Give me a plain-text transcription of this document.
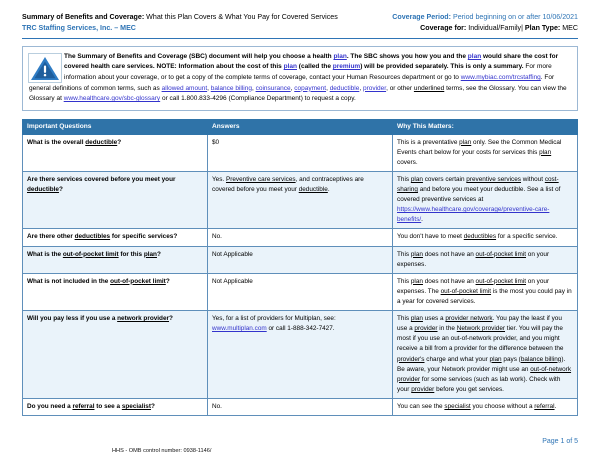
Summary of Benefits and Coverage: What this Plan Covers & What You Pay for Covered Services
TRC Staffing Services, Inc. – MEC
Coverage Period: Period beginning on or after 10/06/2021
Coverage for: Individual/Family| Plan Type: MEC
The Summary of Benefits and Coverage (SBC) document will help you choose a health plan. The SBC shows you how you and the plan would share the cost for covered health care services. NOTE: Information about the cost of this plan (called the premium) will be provided separately. This is only a summary. For more information about your coverage, or to get a copy of the complete terms of coverage, contact your Human Resources department or go to www.mybiac.com/trcstaffing. For general definitions of common terms, such as allowed amount, balance billing, coinsurance, copayment, deductible, provider, or other underlined terms, see the Glossary. You can view the Glossary at www.healthcare.gov/sbc-glossary or call 1.800.833-4296 (Compliance Department) to request a copy.
Important Questions	Answers	Why This Matters:
What is the overall deductible?	$0	This is a preventative plan only. See the Common Medical Events chart below for your costs for services this plan covers.
Are there services covered before you meet your deductible?	Yes. Preventive care services, and contraceptives are covered before you meet your deductible.	This plan covers certain preventive services without cost-sharing and before you meet your deductible. See a list of covered preventive services at https://www.healthcare.gov/coverage/preventive-care-benefits/.
Are there other deductibles for specific services?	No.	You don't have to meet deductibles for a specific service.
What is the out-of-pocket limit for this plan?	Not Applicable	This plan does not have an out-of-pocket limit on your expenses.
What is not included in the out-of-pocket limit?	Not Applicable	This plan does not have an out-of-pocket limit on your expenses. The out-of-pocket limit is the most you could pay in a year for covered services.
Will you pay less if you use a network provider?	Yes, for a list of providers for Multiplan, see: www.multiplan.com or call 1-888-342-7427.	This plan uses a provider network. You pay the least if you use a provider in the Network provider tier. You will pay the most if you use an out-of-network provider, and you might receive a bill from a provider for the difference between the provider's charge and what your plan pays (balance billing). Be aware, your Network provider might use an out-of-network provider for some services (such as lab work). Check with your provider before you get services.
Do you need a referral to see a specialist?	No.	You can see the specialist you choose without a referral.
Page 1 of 5
HHS - OMB control number: 0938-1146/
